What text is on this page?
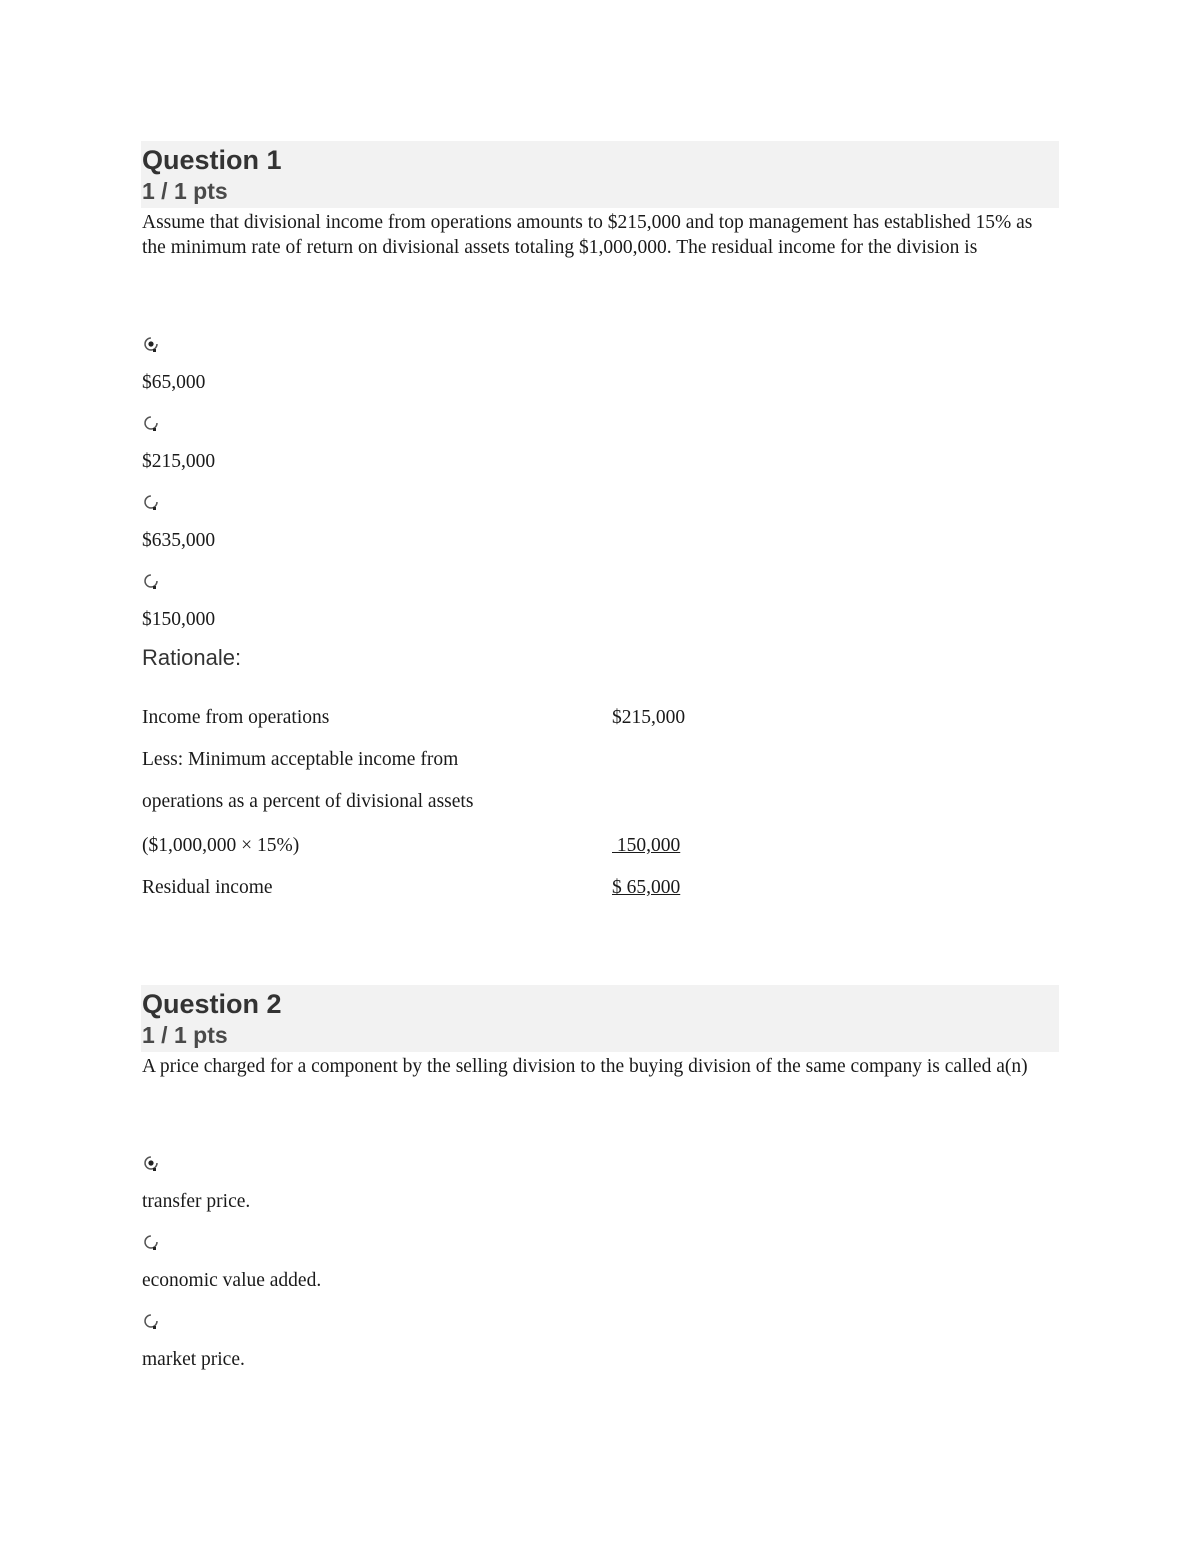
Question 1
1 / 1 pts
Assume that divisional income from operations amounts to $215,000 and top management has established 15% as the minimum rate of return on divisional assets totaling $1,000,000. The residual income for the division is
$65,000
$215,000
$635,000
$150,000
Rationale:
Income from operations	$215,000
Less: Minimum acceptable income from
operations as a percent of divisional assets
($1,000,000 × 15%)	150,000
Residual income	$ 65,000
Question 2
1 / 1 pts
A price charged for a component by the selling division to the buying division of the same company is called a(n)
transfer price.
economic value added.
market price.
